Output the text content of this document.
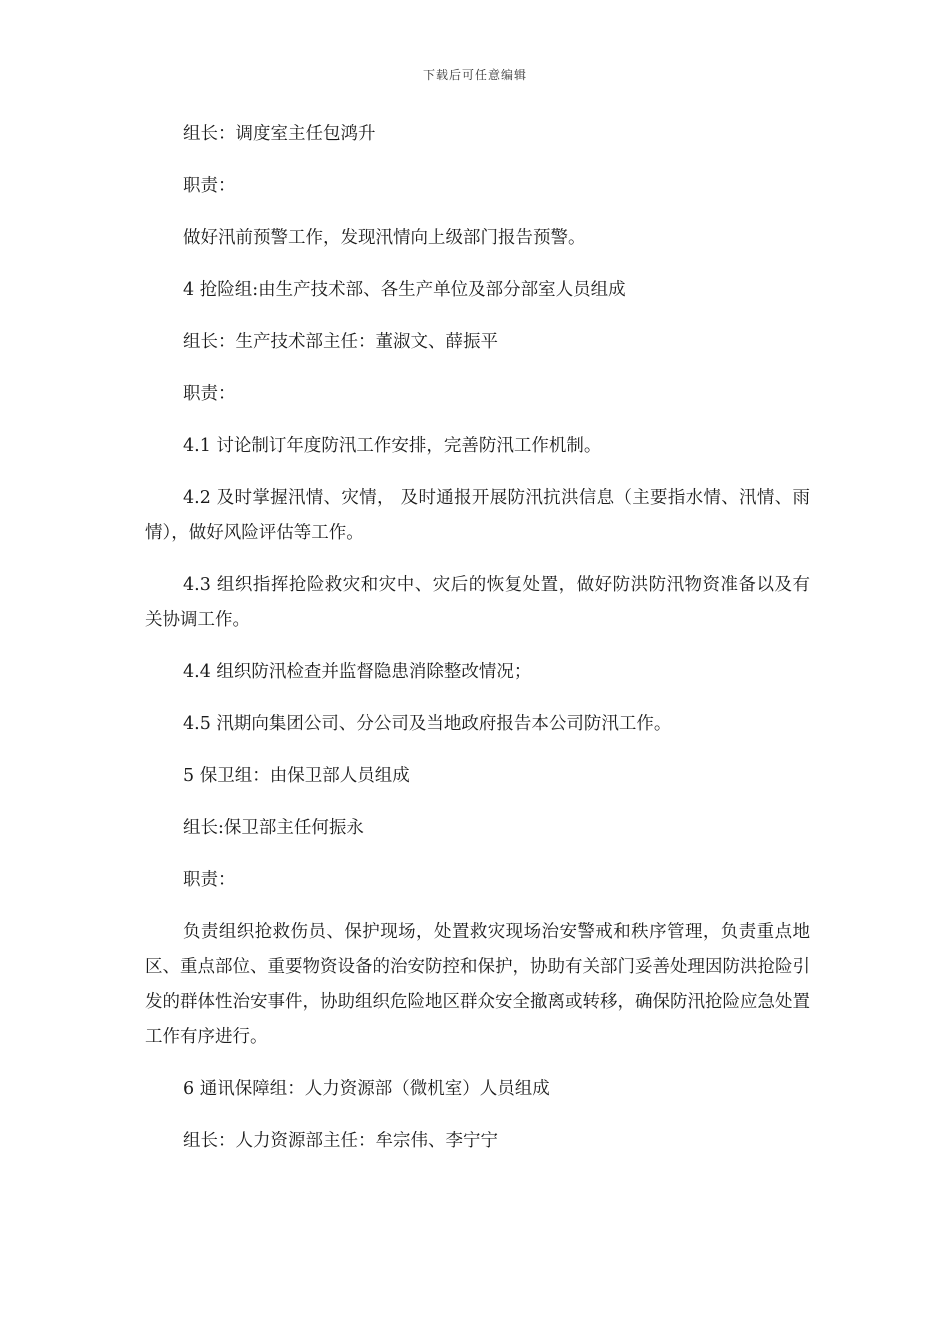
下载后可任意编辑

组长：调度室主任包鸿升

职责：

做好汛前预警工作，发现汛情向上级部门报告预警。

4 抢险组:由生产技术部、各生产单位及部分部室人员组成

组长：生产技术部主任：董淑文、薛振平

职责：

4.1 讨论制订年度防汛工作安排，完善防汛工作机制。

4.2 及时掌握汛情、灾情， 及时通报开展防汛抗洪信息（主要指水情、汛情、雨情），做好风险评估等工作。

4.3 组织指挥抢险救灾和灾中、灾后的恢复处置，做好防洪防汛物资准备以及有关协调工作。

4.4 组织防汛检查并监督隐患消除整改情况；

4.5 汛期向集团公司、分公司及当地政府报告本公司防汛工作。

5 保卫组：由保卫部人员组成

组长:保卫部主任何振永

职责：

负责组织抢救伤员、保护现场，处置救灾现场治安警戒和秩序管理，负责重点地区、重点部位、重要物资设备的治安防控和保护，协助有关部门妥善处理因防洪抢险引发的群体性治安事件，协助组织危险地区群众安全撤离或转移，确保防汛抢险应急处置工作有序进行。

6 通讯保障组：人力资源部（微机室）人员组成

组长：人力资源部主任：牟宗伟、李宁宁
